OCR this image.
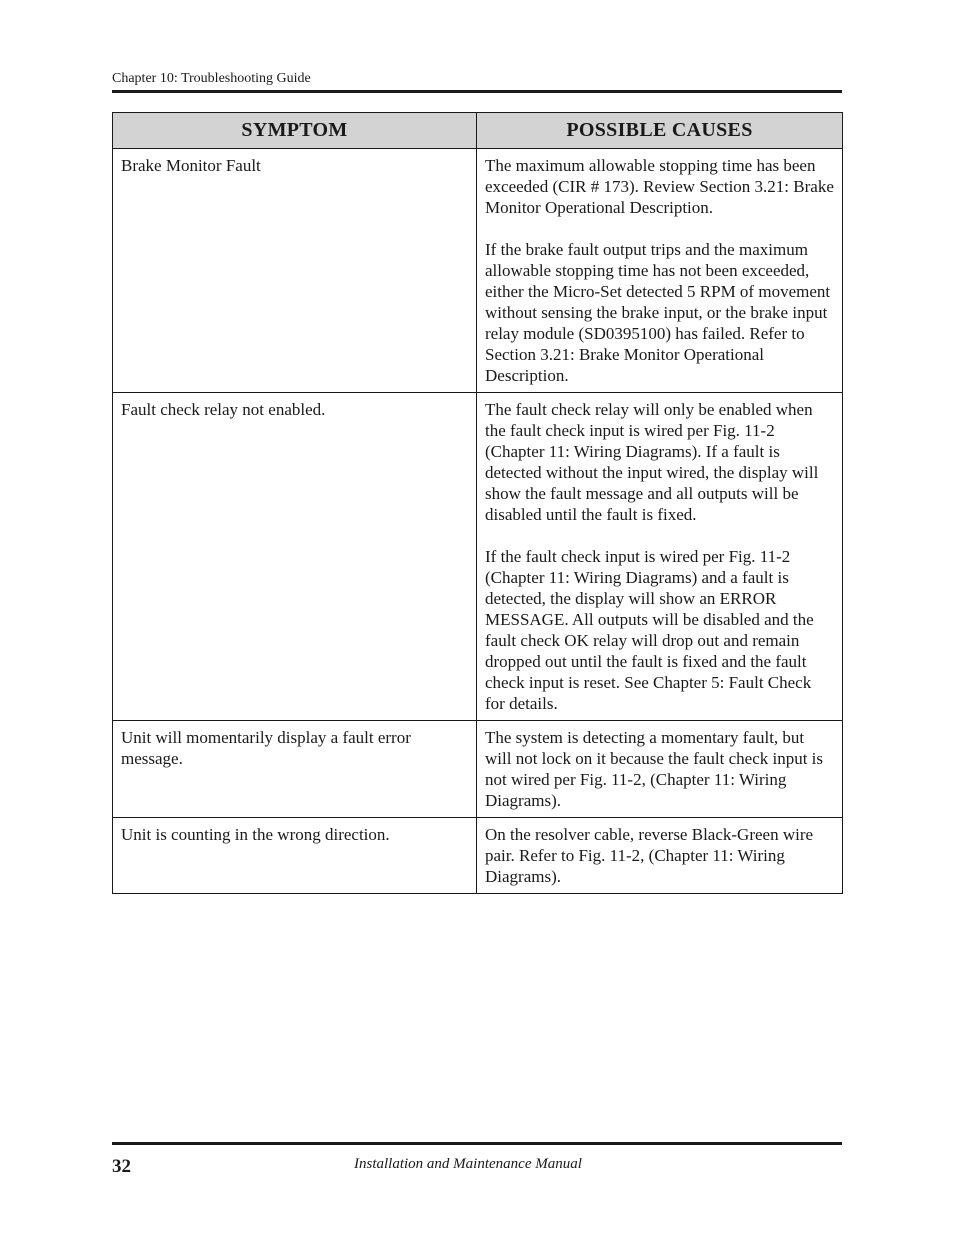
Chapter 10: Troubleshooting Guide
SYMPTOM	POSSIBLE CAUSES
Brake Monitor Fault	The maximum allowable stopping time has been exceeded (CIR # 173). Review Section 3.21: Brake Monitor Operational Description.

If the brake fault output trips and the maximum allowable stopping time has not been exceeded, either the Micro-Set detected 5 RPM of movement without sensing the brake input, or the brake input relay module (SD0395100) has failed. Refer to Section 3.21: Brake Monitor Operational Description.

Fault check relay not enabled.	The fault check relay will only be enabled when the fault check input is wired per Fig. 11-2 (Chapter 11: Wiring Diagrams). If a fault is detected without the input wired, the display will show the fault message and all outputs will be disabled until the fault is fixed.

If the fault check input is wired per Fig. 11-2 (Chapter 11: Wiring Diagrams) and a fault is detected, the display will show an ERROR MESSAGE. All outputs will be disabled and the fault check OK relay will drop out and remain dropped out until the fault is fixed and the fault check input is reset. See Chapter 5: Fault Check for details.

Unit will momentarily display a fault error message.	The system is detecting a momentary fault, but will not lock on it because the fault check input is not wired per Fig. 11-2, (Chapter 11: Wiring Diagrams).

Unit is counting in the wrong direction.	On the resolver cable, reverse Black-Green wire pair. Refer to Fig. 11-2, (Chapter 11: Wiring Diagrams).

32	Installation and Maintenance Manual
